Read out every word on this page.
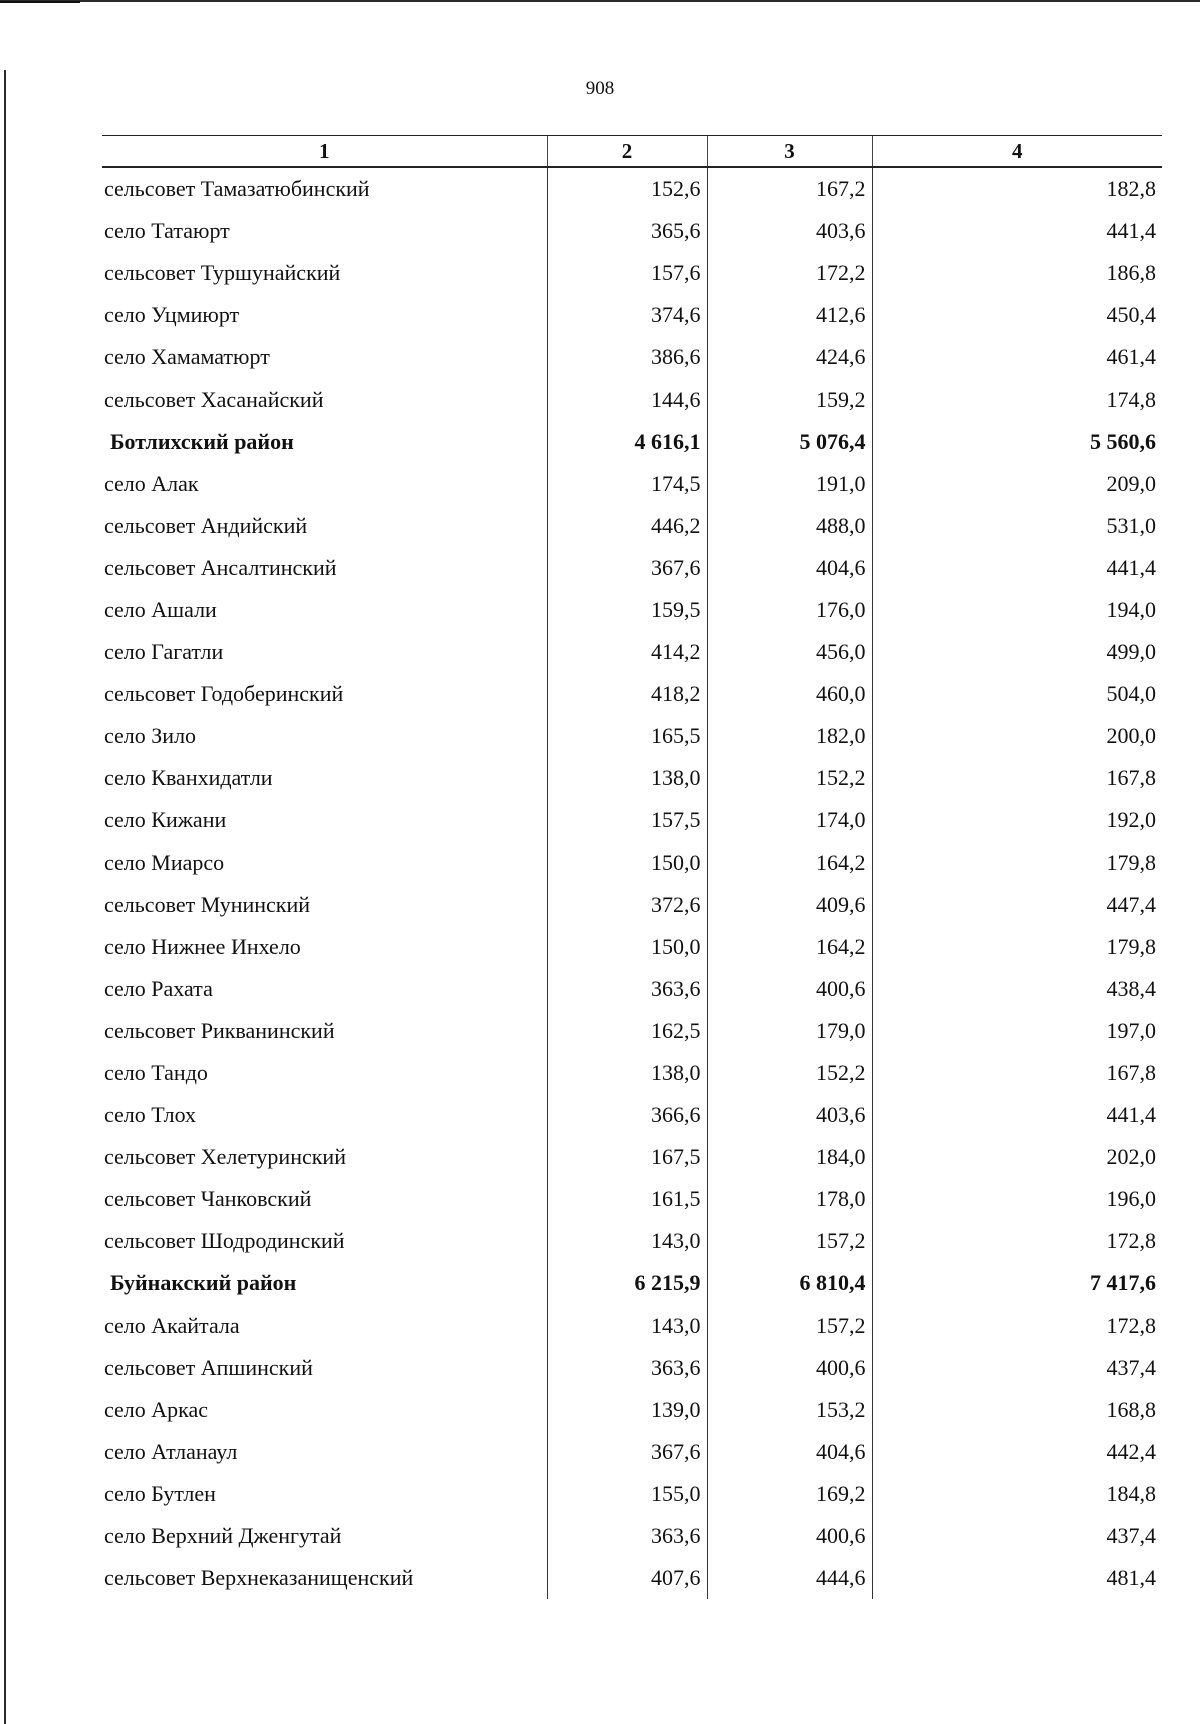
908
1	2	3	4
сельсовет Тамазатюбинский	152,6	167,2	182,8
село Татаюрт	365,6	403,6	441,4
сельсовет Туршунайский	157,6	172,2	186,8
село Уцмиюрт	374,6	412,6	450,4
село Хамаматюрт	386,6	424,6	461,4
сельсовет Хасанайский	144,6	159,2	174,8
Ботлихский район	4 616,1	5 076,4	5 560,6
село Алак	174,5	191,0	209,0
сельсовет Андийский	446,2	488,0	531,0
сельсовет Ансалтинский	367,6	404,6	441,4
село Ашали	159,5	176,0	194,0
село Гагатли	414,2	456,0	499,0
сельсовет Годоберинский	418,2	460,0	504,0
село Зило	165,5	182,0	200,0
село Кванхидатли	138,0	152,2	167,8
село Кижани	157,5	174,0	192,0
село Миарсо	150,0	164,2	179,8
сельсовет Мунинский	372,6	409,6	447,4
село Нижнее Инхело	150,0	164,2	179,8
село Рахата	363,6	400,6	438,4
сельсовет Рикванинский	162,5	179,0	197,0
село Тандо	138,0	152,2	167,8
село Тлох	366,6	403,6	441,4
сельсовет Хелетуринский	167,5	184,0	202,0
сельсовет Чанковский	161,5	178,0	196,0
сельсовет Шодродинский	143,0	157,2	172,8
Буйнакский район	6 215,9	6 810,4	7 417,6
село Акайтала	143,0	157,2	172,8
сельсовет Апшинский	363,6	400,6	437,4
село Аркас	139,0	153,2	168,8
село Атланаул	367,6	404,6	442,4
село Бутлен	155,0	169,2	184,8
село Верхний Дженгутай	363,6	400,6	437,4
сельсовет Верхнеказанищенский	407,6	444,6	481,4
